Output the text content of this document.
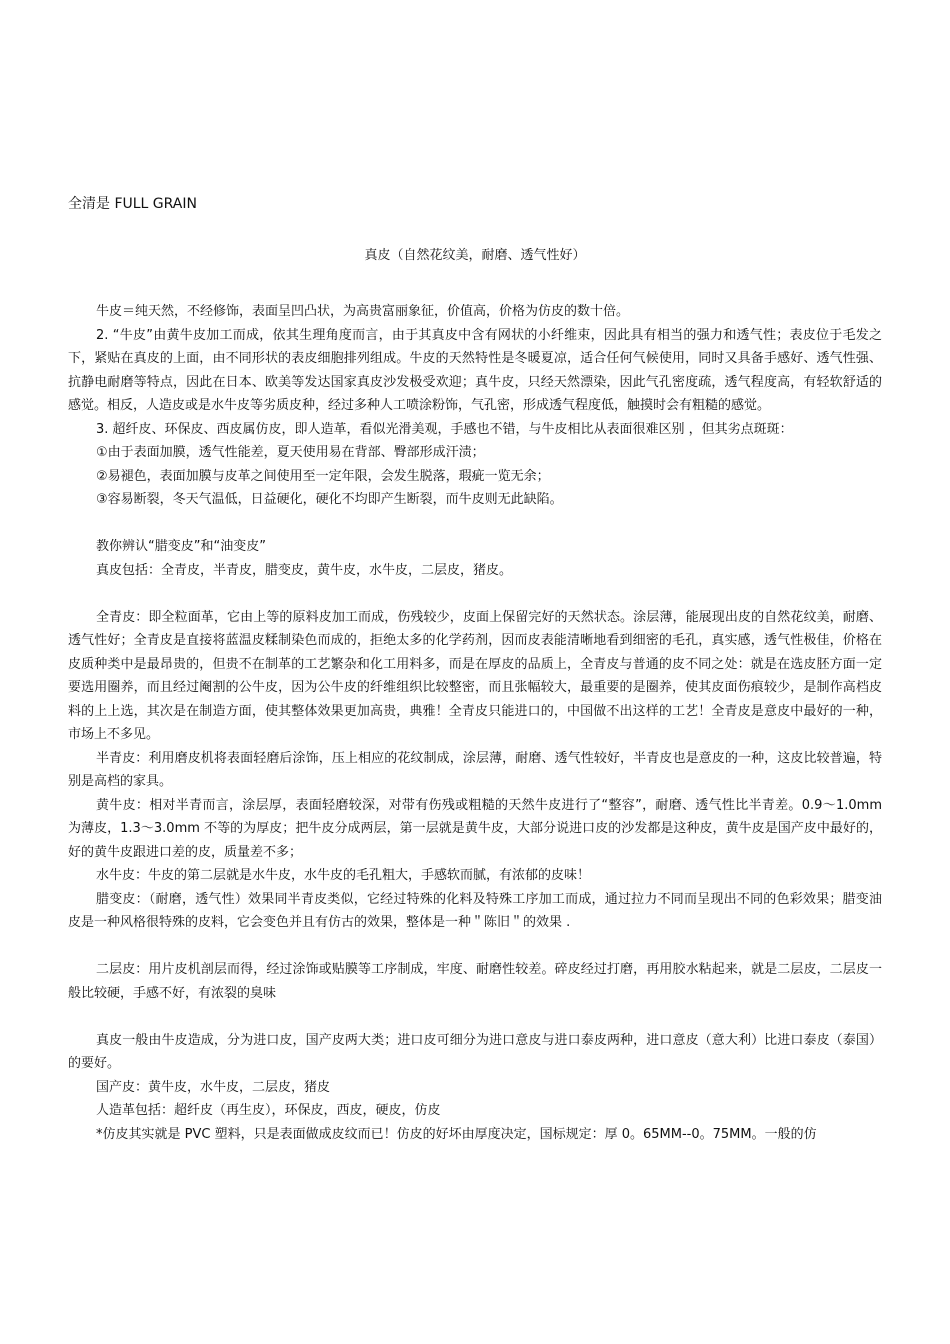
全清是 FULL GRAIN
真皮（自然花纹美，耐磨、透气性好）

牛皮＝纯天然，不经修饰，表面呈凹凸状，为高贵富丽象征，价值高，价格为仿皮的数十倍。

2. “牛皮”由黄牛皮加工而成，依其生理角度而言，由于其真皮中含有网状的小纤维束，因此具有相当的强力和透气性；表皮位于毛发之下，紧贴在真皮的上面，由不同形状的表皮细胞排列组成。牛皮的天然特性是冬暖夏凉，适合任何气候使用，同时又具备手感好、透气性强、抗静电耐磨等特点，因此在日本、欧美等发达国家真皮沙发极受欢迎；真牛皮，只经天然漂染，因此气孔密度疏，透气程度高，有轻软舒适的感觉。相反，人造皮或是水牛皮等劣质皮种，经过多种人工喷涂粉饰，气孔密，形成透气程度低，触摸时会有粗糙的感觉。

3. 超纤皮、环保皮、西皮属仿皮，即人造革，看似光滑美观，手感也不错，与牛皮相比从表面很难区别 ，但其劣点斑斑：

①由于表面加膜，透气性能差，夏天使用易在背部、臀部形成汗渍；

②易褪色，表面加膜与皮革之间使用至一定年限，会发生脱落，瑕疵一览无余；

③容易断裂，冬天气温低，日益硬化，硬化不均即产生断裂，而牛皮则无此缺陷。

教你辨认“腊变皮”和“油变皮”

真皮包括：全青皮，半青皮，腊变皮，黄牛皮，水牛皮，二层皮，猪皮。

全青皮：即全粒面革，它由上等的原料皮加工而成，伤残较少，皮面上保留完好的天然状态。涂层薄，能展现出皮的自然花纹美，耐磨、透气性好；全青皮是直接将蓝温皮糅制染色而成的，拒绝太多的化学药剂，因而皮表能清晰地看到细密的毛孔，真实感，透气性极佳，价格在皮质种类中是最昂贵的，但贵不在制革的工艺繁杂和化工用料多，而是在厚皮的品质上，全青皮与普通的皮不同之处：就是在选皮胚方面一定要选用圈养，而且经过阉割的公牛皮，因为公牛皮的纤维组织比较整密，而且张幅较大，最重要的是圈养，使其皮面伤痕较少，是制作高档皮料的上上选，其次是在制造方面，使其整体效果更加高贵，典雅！全青皮只能进口的，中国做不出这样的工艺！全青皮是意皮中最好的一种，市场上不多见。

半青皮：利用磨皮机将表面轻磨后涂饰，压上相应的花纹制成，涂层薄，耐磨、透气性较好，半青皮也是意皮的一种，这皮比较普遍，特别是高档的家具。

黄牛皮：相对半青而言，涂层厚，表面轻磨较深，对带有伤残或粗糙的天然牛皮进行了“整容”，耐磨、透气性比半青差。0.9～1.0mm 为薄皮，1.3～3.0mm 不等的为厚皮；把牛皮分成两层，第一层就是黄牛皮，大部分说进口皮的沙发都是这种皮，黄牛皮是国产皮中最好的，好的黄牛皮跟进口差的皮，质量差不多；

水牛皮：牛皮的第二层就是水牛皮，水牛皮的毛孔粗大，手感软而腻，有浓郁的皮味！

腊变皮：（耐磨，透气性）效果同半青皮类似，它经过特殊的化料及特殊工序加工而成，通过拉力不同而呈现出不同的色彩效果；腊变油皮是一种风格很特殊的皮料，它会变色并且有仿古的效果，整体是一种＂陈旧＂的效果 .

二层皮：用片皮机剖层而得，经过涂饰或贴膜等工序制成，牢度、耐磨性较差。碎皮经过打磨，再用胶水粘起来，就是二层皮，二层皮一般比较硬，手感不好，有浓裂的臭味

真皮一般由牛皮造成，分为进口皮，国产皮两大类；进口皮可细分为进口意皮与进口泰皮两种，进口意皮（意大利）比进口泰皮（泰国）的要好。

国产皮：黄牛皮，水牛皮，二层皮，猪皮

人造革包括：超纤皮（再生皮），环保皮，西皮，硬皮，仿皮

*仿皮其实就是 PVC 塑料，只是表面做成皮纹而已！仿皮的好坏由厚度决定，国标规定：厚 0。65MM--0。75MM。一般的仿
